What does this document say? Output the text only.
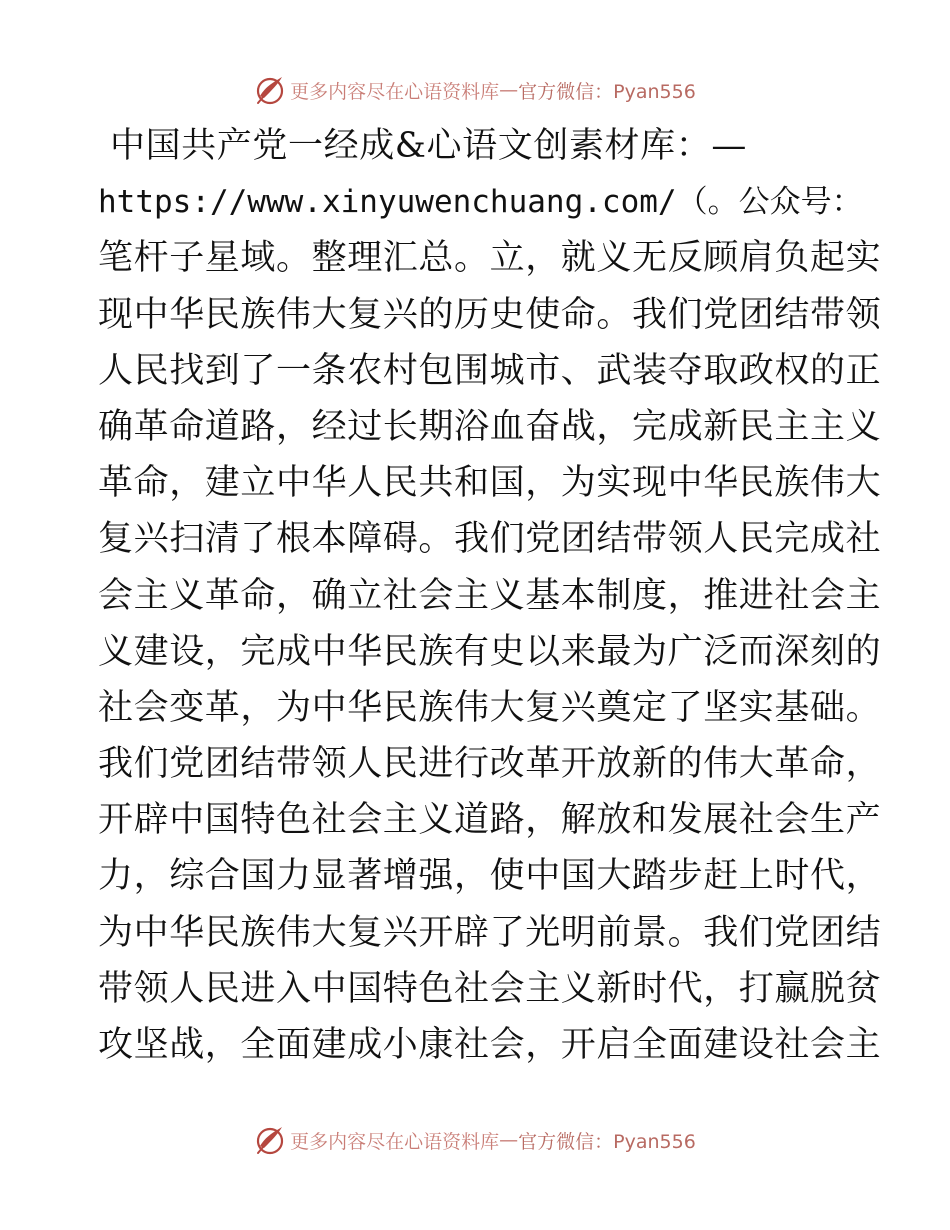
更多内容尽在心语资料库 — 官方微信：Pyan556
中国共产党一经成&心语文创素材库：—
https://www.xinyuwenchuang.com/（。公众号：
笔杆子星域。整理汇总。立，就义无反顾肩负起实
现中华民族伟大复兴的历史使命。我们党团结带领
人民找到了一条农村包围城市、武装夺取政权的正
确革命道路，经过长期浴血奋战，完成新民主主义
革命，建立中华人民共和国，为实现中华民族伟大
复兴扫清了根本障碍。我们党团结带领人民完成社
会主义革命，确立社会主义基本制度，推进社会主
义建设，完成中华民族有史以来最为广泛而深刻的
社会变革，为中华民族伟大复兴奠定了坚实基础。
我们党团结带领人民进行改革开放新的伟大革命，
开辟中国特色社会主义道路，解放和发展社会生产
力，综合国力显著增强，使中国大踏步赶上时代，
为中华民族伟大复兴开辟了光明前景。我们党团结
带领人民进入中国特色社会主义新时代，打赢脱贫
攻坚战，全面建成小康社会，开启全面建设社会主
更多内容尽在心语资料库 — 官方微信：Pyan556
